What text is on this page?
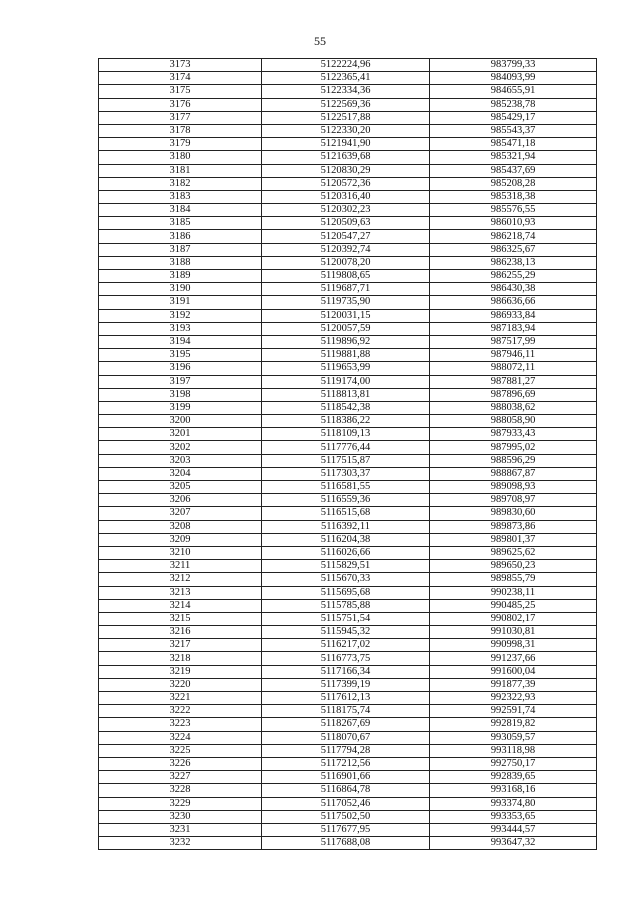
55
3173	5122224,96	983799,33
3174	5122365,41	984093,99
3175	5122334,36	984655,91
3176	5122569,36	985238,78
3177	5122517,88	985429,17
3178	5122330,20	985543,37
3179	5121941,90	985471,18
3180	5121639,68	985321,94
3181	5120830,29	985437,69
3182	5120572,36	985208,28
3183	5120316,40	985318,38
3184	5120302,23	985576,55
3185	5120509,63	986010,93
3186	5120547,27	986218,74
3187	5120392,74	986325,67
3188	5120078,20	986238,13
3189	5119808,65	986255,29
3190	5119687,71	986430,38
3191	5119735,90	986636,66
3192	5120031,15	986933,84
3193	5120057,59	987183,94
3194	5119896,92	987517,99
3195	5119881,88	987946,11
3196	5119653,99	988072,11
3197	5119174,00	987881,27
3198	5118813,81	987896,69
3199	5118542,38	988038,62
3200	5118386,22	988058,90
3201	5118109,13	987933,43
3202	5117776,44	987995,02
3203	5117515,87	988596,29
3204	5117303,37	988867,87
3205	5116581,55	989098,93
3206	5116559,36	989708,97
3207	5116515,68	989830,60
3208	5116392,11	989873,86
3209	5116204,38	989801,37
3210	5116026,66	989625,62
3211	5115829,51	989650,23
3212	5115670,33	989855,79
3213	5115695,68	990238,11
3214	5115785,88	990485,25
3215	5115751,54	990802,17
3216	5115945,32	991030,81
3217	5116217,02	990998,31
3218	5116773,75	991237,66
3219	5117166,34	991600,04
3220	5117399,19	991877,39
3221	5117612,13	992322,93
3222	5118175,74	992591,74
3223	5118267,69	992819,82
3224	5118070,67	993059,57
3225	5117794,28	993118,98
3226	5117212,56	992750,17
3227	5116901,66	992839,65
3228	5116864,78	993168,16
3229	5117052,46	993374,80
3230	5117502,50	993353,65
3231	5117677,95	993444,57
3232	5117688,08	993647,32
